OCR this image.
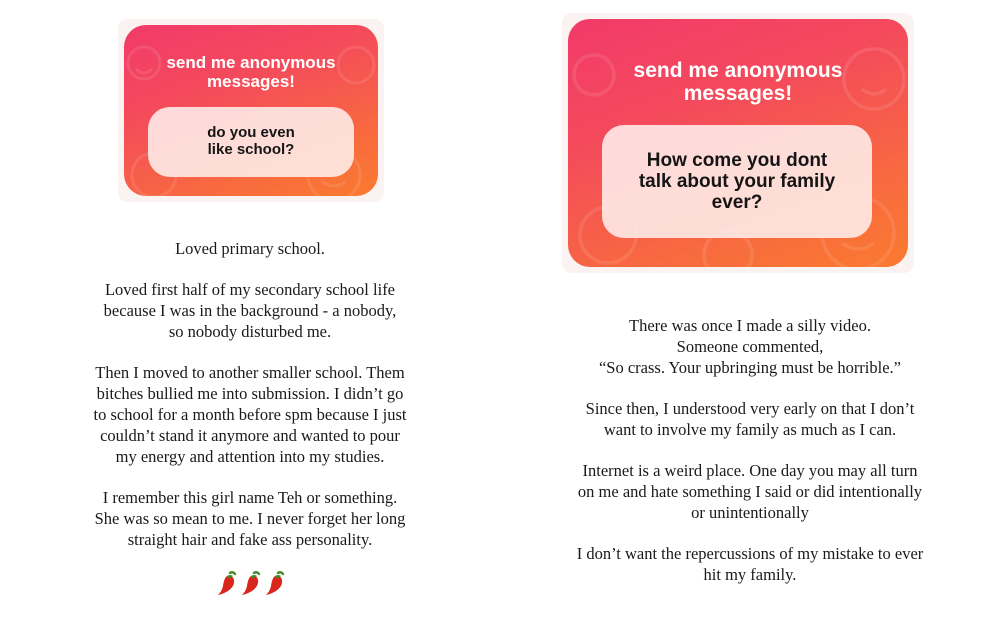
send me anonymous
messages!
do you even
like school?

Loved primary school.

Loved first half of my secondary school life
because I was in the background - a nobody,
so nobody disturbed me.

Then I moved to another smaller school. Them
bitches bullied me into submission. I didn’t go
to school for a month before spm because I just
couldn’t stand it anymore and wanted to pour
my energy and attention into my studies.

I remember this girl name Teh or something.
She was so mean to me. I never forget her long
straight hair and fake ass personality.

send me anonymous
messages!
How come you dont
talk about your family
ever?

There was once I made a silly video.
Someone commented,
“So crass. Your upbringing must be horrible.”

Since then, I understood very early on that I don’t
want to involve my family as much as I can.

Internet is a weird place. One day you may all turn
on me and hate something I said or did intentionally
or unintentionally

I don’t want the repercussions of my mistake to ever
hit my family.
